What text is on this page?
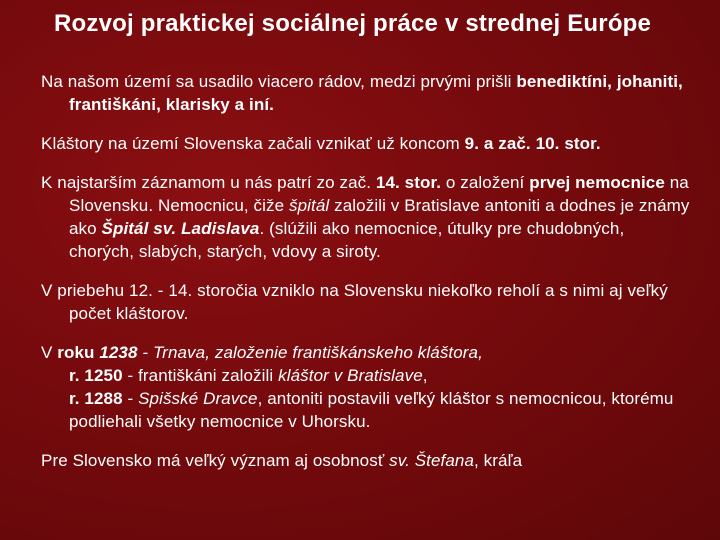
Rozvoj praktickej sociálnej práce v strednej Európe

Na našom území sa usadilo viacero rádov, medzi prvými prišli benediktíni, johaniti, františkáni, klarisky a iní.

Kláštory na území Slovenska začali vznikať už koncom 9. a zač. 10. stor.

K najstarším záznamom u nás patrí zo zač. 14. stor. o založení prvej nemocnice na Slovensku. Nemocnicu, čiže špitál založili v Bratislave antoniti a dodnes je známy ako Špitál sv. Ladislava. (slúžili ako nemocnice, útulky pre chudobných, chorých, slabých, starých, vdovy a siroty.

V priebehu 12. - 14. storočia vzniklo na Slovensku niekoľko reholí a s nimi aj veľký počet kláštorov.

V roku 1238 - Trnava, založenie františkánskeho kláštora,
r. 1250 - františkáni založili kláštor v Bratislave,
r. 1288 - Spišské Dravce, antoniti postavili veľký kláštor s nemocnicou, ktorému podliehali všetky nemocnice v Uhorsku.

Pre Slovensko má veľký význam aj osobnosť sv. Štefana, kráľa
